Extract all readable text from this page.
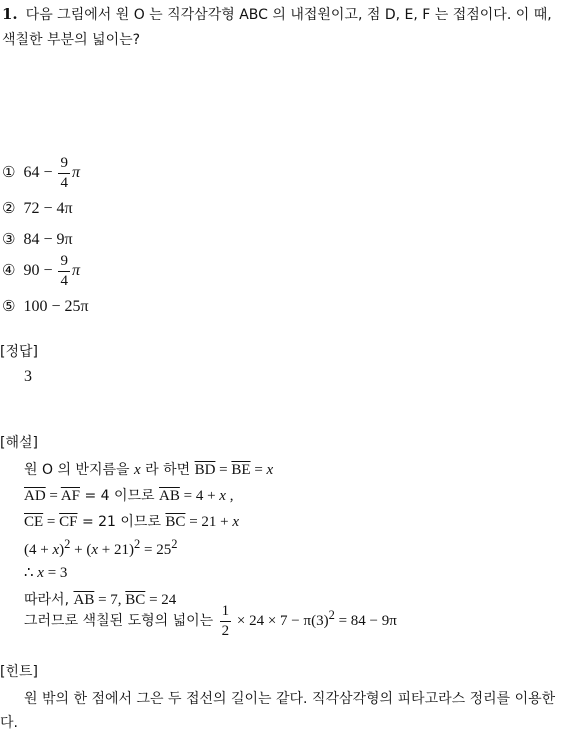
1. 다음 그림에서 원 O 는 직각삼각형 ABC 의 내접원이고, 점 D, E, F 는 접점이다. 이 때, 색칠한 부분의 넓이는?
① $64 - \frac{9}{4}$ π
② 72 − 4π
③ 84 − 9π
④ $90 - \frac{9}{4}$ π
⑤ 100 − 25π
[정답]
3
[해설]
원 O 의 반지름을 x 라 하면 $\overline{BD} = \overline{BE} = x$
$\overline{AD} = \overline{AF} = 4$ 이므로 $\overline{AB} = 4 + x$ ,
$\overline{CE} = \overline{CF} = 21$ 이므로 $\overline{BC} = 21 + x$
$(4 + x)^2 + (x + 21)^2 = 25^2$
∴ x = 3
따라서, $\overline{AB} = 7$, $\overline{BC} = 24$
그러므로 색칠된 도형의 넓이는 $\frac{1}{2} \times 24 \times 7 - \pi(3)^2 = 84 - 9\pi$
[힌트]
원 밖의 한 점에서 그은 두 접선의 길이는 같다. 직각삼각형의 피타고라스 정리를 이용한다.
